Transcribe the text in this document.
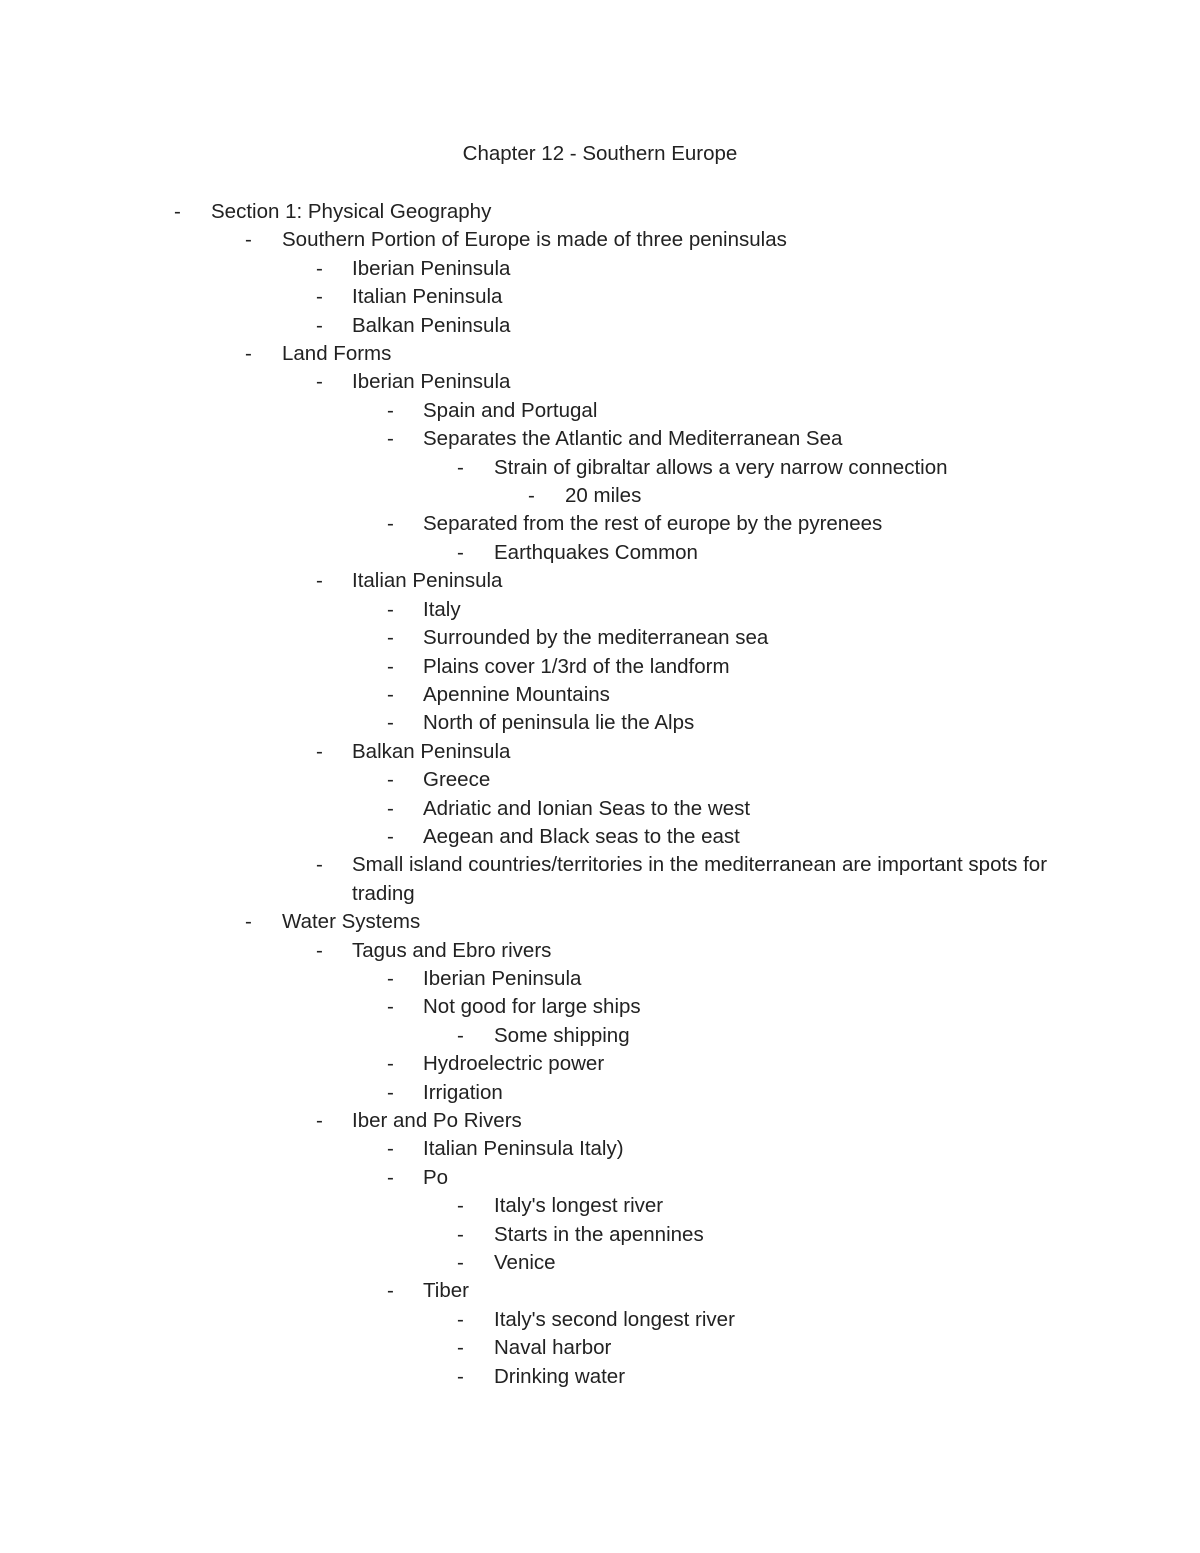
Chapter 12 - Southern Europe
-	Section 1: Physical Geography
-	Southern Portion of Europe is made of three peninsulas
-	Iberian Peninsula
-	Italian Peninsula
-	Balkan Peninsula
-	Land Forms
-	Iberian Peninsula
-	Spain and Portugal
-	Separates the Atlantic and Mediterranean Sea
-	Strain of gibraltar allows a very narrow connection
-	20 miles
-	Separated from the rest of europe by the pyrenees
-	Earthquakes Common
-	Italian Peninsula
-	Italy
-	Surrounded by the mediterranean sea
-	Plains cover 1/3rd of the landform
-	Apennine Mountains
-	North of peninsula lie the Alps
-	Balkan Peninsula
-	Greece
-	Adriatic and Ionian Seas to the west
-	Aegean and Black seas to the east
-	Small island countries/territories in the mediterranean are important spots for trading
-	Water Systems
-	Tagus and Ebro rivers
-	Iberian Peninsula
-	Not good for large ships
-	Some shipping
-	Hydroelectric power
-	Irrigation
-	Iber and Po Rivers
-	Italian Peninsula Italy)
-	Po
-	Italy's longest river
-	Starts in the apennines
-	Venice
-	Tiber
-	Italy's second longest river
-	Naval harbor
-	Drinking water
